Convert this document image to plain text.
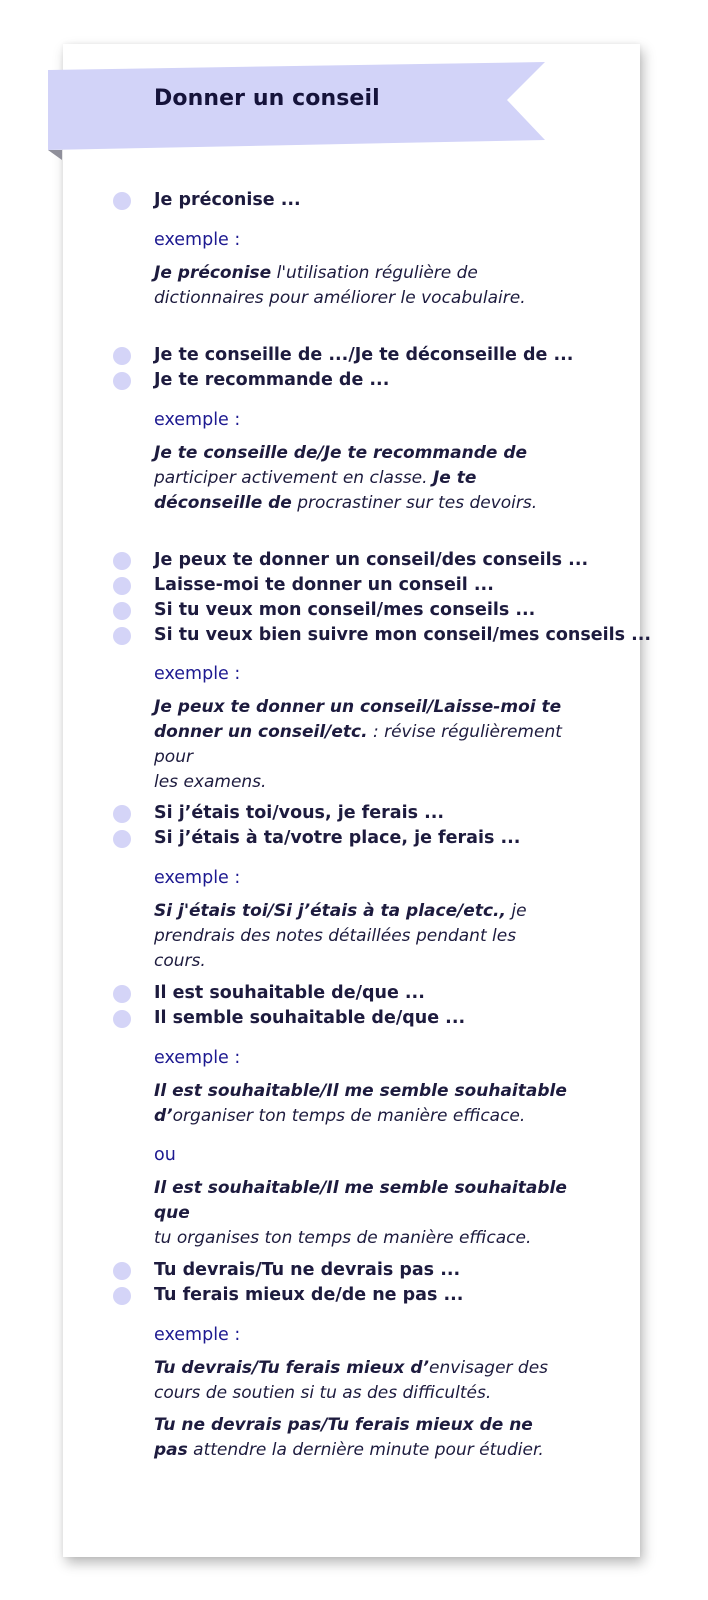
Donner un conseil
Je préconise ...
exemple :
Je préconise l'utilisation régulière de dictionnaires pour améliorer le vocabulaire.
Je te conseille de .../Je te déconseille de ...
Je te recommande de ...
exemple :
Je te conseille de/Je te recommande de participer activement en classe. Je te déconseille de procrastiner sur tes devoirs.
Je peux te donner un conseil/des conseils ...
Laisse-moi te donner un conseil ...
Si tu veux mon conseil/mes conseils ...
Si tu veux bien suivre mon conseil/mes conseils ...
exemple :
Je peux te donner un conseil/Laisse-moi te donner un conseil/etc. : révise régulièrement pour
les examens.
Si j’étais toi/vous, je ferais ...
Si j’étais à ta/votre place, je ferais ...
exemple :
Si j'étais toi/Si j’étais à ta place/etc., je prendrais des notes détaillées pendant les cours.
Il est souhaitable de/que ...
Il semble souhaitable de/que ...
exemple :
Il est souhaitable/Il me semble souhaitable
d’organiser ton temps de manière efficace.
ou
Il est souhaitable/Il me semble souhaitable que
tu organises ton temps de manière efficace.
Tu devrais/Tu ne devrais pas ...
Tu ferais mieux de/de ne pas ...
exemple :
Tu devrais/Tu ferais mieux d’envisager des
cours de soutien si tu as des difficultés.
Tu ne devrais pas/Tu ferais mieux de ne
pas attendre la dernière minute pour étudier.
